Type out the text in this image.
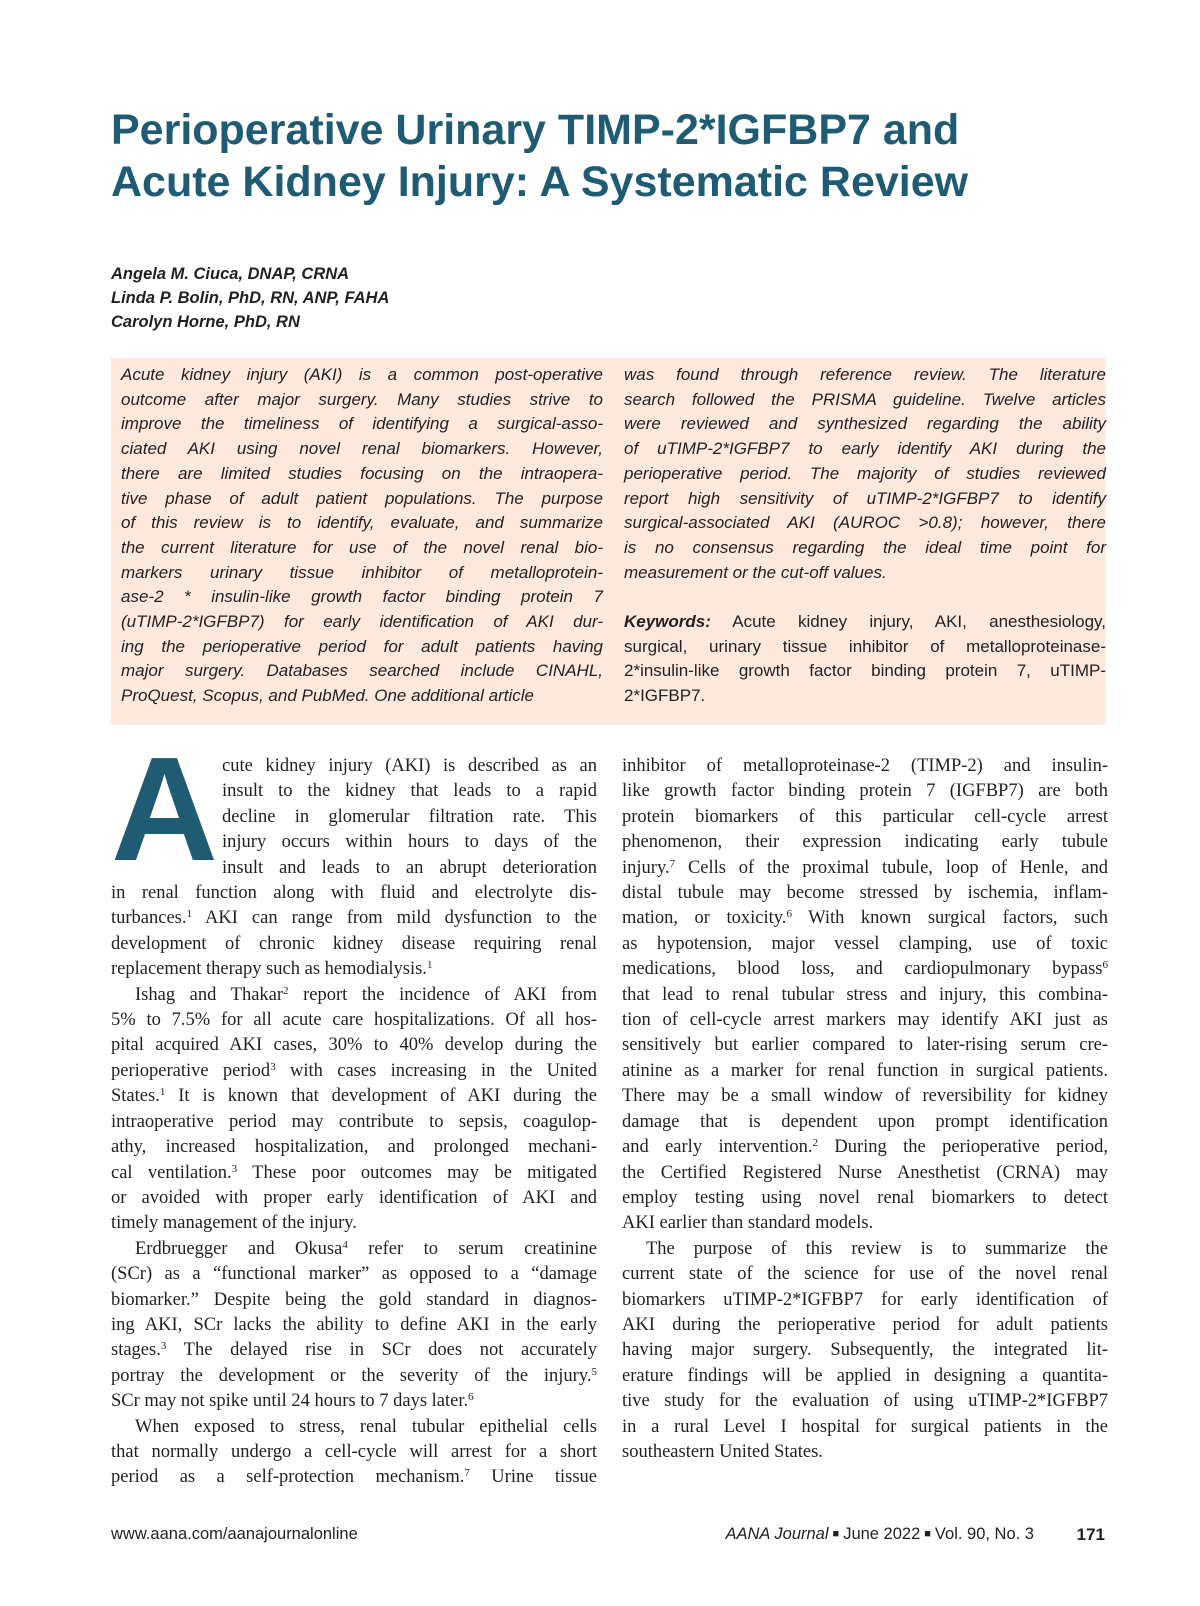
Perioperative Urinary TIMP-2*IGFBP7 and
Acute Kidney Injury: A Systematic Review
Angela M. Ciuca, DNAP, CRNA
Linda P. Bolin, PhD, RN, ANP, FAHA
Carolyn Horne, PhD, RN
Acute kidney injury (AKI) is a common post-operative
outcome after major surgery. Many studies strive to
improve the timeliness of identifying a surgical-asso-
ciated AKI using novel renal biomarkers. However,
there are limited studies focusing on the intraopera-
tive phase of adult patient populations. The purpose
of this review is to identify, evaluate, and summarize
the current literature for use of the novel renal bio-
markers urinary tissue inhibitor of metalloprotein-
ase-2 * insulin-like growth factor binding protein 7
(uTIMP-2*IGFBP7) for early identification of AKI dur-
ing the perioperative period for adult patients having
major surgery. Databases searched include CINAHL,
ProQuest, Scopus, and PubMed. One additional article
was found through reference review. The literature
search followed the PRISMA guideline. Twelve articles
were reviewed and synthesized regarding the ability
of uTIMP-2*IGFBP7 to early identify AKI during the
perioperative period. The majority of studies reviewed
report high sensitivity of uTIMP-2*IGFBP7 to identify
surgical-associated AKI (AUROC >0.8); however, there
is no consensus regarding the ideal time point for
measurement or the cut-off values.
Keywords: Acute kidney injury, AKI, anesthesiology,
surgical, urinary tissue inhibitor of metalloproteinase-
2*insulin-like growth factor binding protein 7, uTIMP-
2*IGFBP7.
A cute kidney injury (AKI) is described as an
insult to the kidney that leads to a rapid
decline in glomerular filtration rate. This
injury occurs within hours to days of the
insult and leads to an abrupt deterioration
in renal function along with fluid and electrolyte dis-
turbances.$^1$ AKI can range from mild dysfunction to the
development of chronic kidney disease requiring renal
replacement therapy such as hemodialysis.$^1$
Ishag and Thakar$^2$ report the incidence of AKI from
5% to 7.5% for all acute care hospitalizations. Of all hos-
pital acquired AKI cases, 30% to 40% develop during the
perioperative period$^3$ with cases increasing in the United
States.$^1$ It is known that development of AKI during the
intraoperative period may contribute to sepsis, coagulop-
athy, increased hospitalization, and prolonged mechani-
cal ventilation.$^3$ These poor outcomes may be mitigated
or avoided with proper early identification of AKI and
timely management of the injury.
Erdbruegger and Okusa$^4$ refer to serum creatinine
(SCr) as a “functional marker” as opposed to a “damage
biomarker.” Despite being the gold standard in diagnos-
ing AKI, SCr lacks the ability to define AKI in the early
stages.$^3$ The delayed rise in SCr does not accurately
portray the development or the severity of the injury.$^5$
SCr may not spike until 24 hours to 7 days later.$^6$
When exposed to stress, renal tubular epithelial cells
that normally undergo a cell-cycle will arrest for a short
period as a self-protection mechanism.$^7$ Urine tissue
inhibitor of metalloproteinase-2 (TIMP-2) and insulin-
like growth factor binding protein 7 (IGFBP7) are both
protein biomarkers of this particular cell-cycle arrest
phenomenon, their expression indicating early tubule
injury.$^7$ Cells of the proximal tubule, loop of Henle, and
distal tubule may become stressed by ischemia, inflam-
mation, or toxicity.$^6$ With known surgical factors, such
as hypotension, major vessel clamping, use of toxic
medications, blood loss, and cardiopulmonary bypass$^6$
that lead to renal tubular stress and injury, this combina-
tion of cell-cycle arrest markers may identify AKI just as
sensitively but earlier compared to later-rising serum cre-
atinine as a marker for renal function in surgical patients.
There may be a small window of reversibility for kidney
damage that is dependent upon prompt identification
and early intervention.$^2$ During the perioperative period,
the Certified Registered Nurse Anesthetist (CRNA) may
employ testing using novel renal biomarkers to detect
AKI earlier than standard models.
The purpose of this review is to summarize the
current state of the science for use of the novel renal
biomarkers uTIMP-2*IGFBP7 for early identification of
AKI during the perioperative period for adult patients
having major surgery. Subsequently, the integrated lit-
erature findings will be applied in designing a quantita-
tive study for the evaluation of using uTIMP-2*IGFBP7
in a rural Level I hospital for surgical patients in the
southeastern United States.
www.aana.com/aanajournalonline	AANA Journal ■ June 2022 ■ Vol. 90, No. 3	171
